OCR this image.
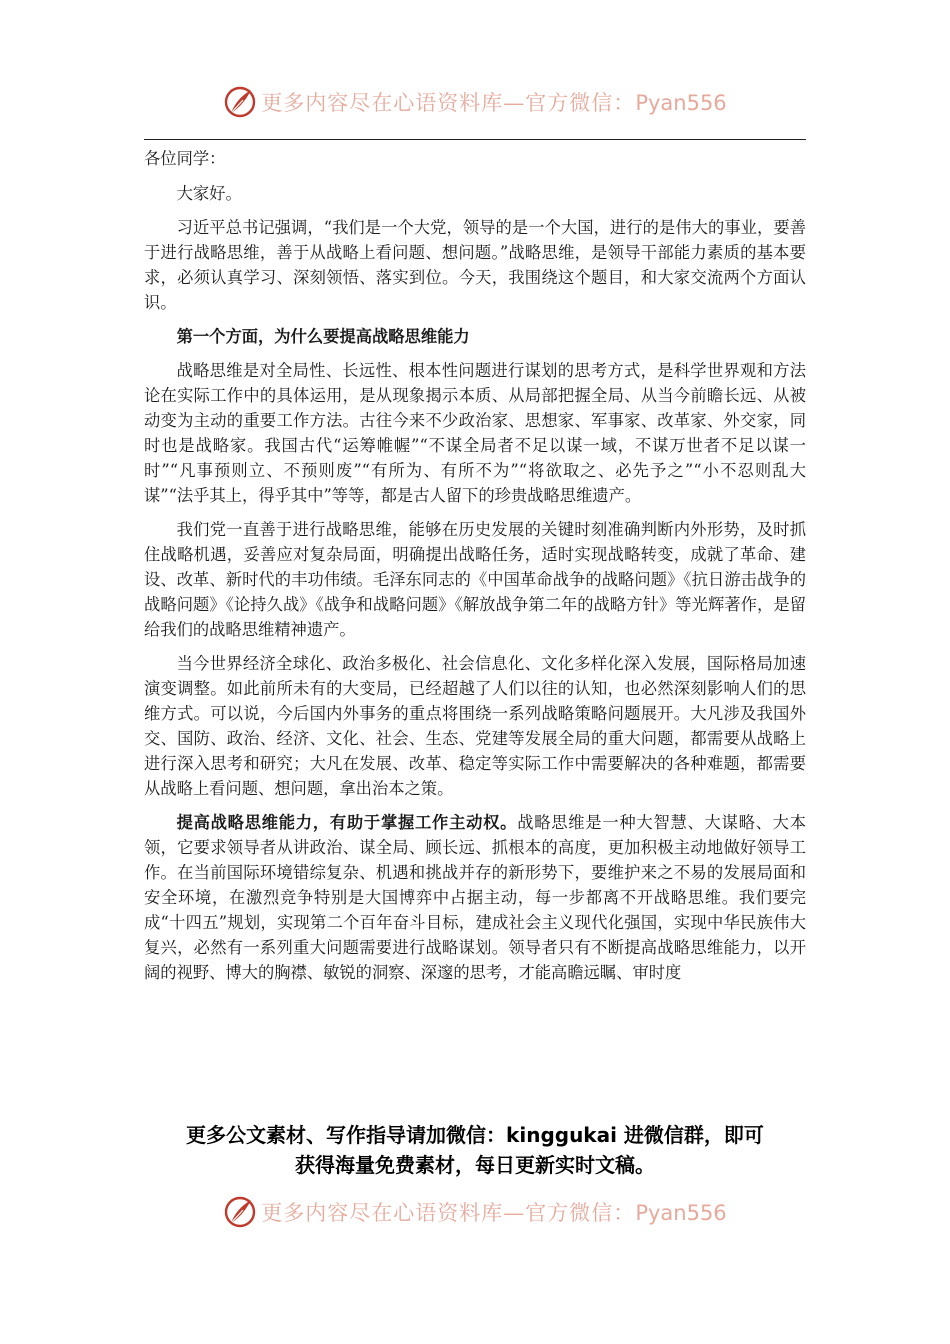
更多内容尽在心语资料库—官方微信：Pyan556

各位同学：

大家好。

习近平总书记强调，“我们是一个大党，领导的是一个大国，进行的是伟大的事业，要善于进行战略思维，善于从战略上看问题、想问题。”战略思维，是领导干部能力素质的基本要求，必须认真学习、深刻领悟、落实到位。今天，我围绕这个题目，和大家交流两个方面认识。

第一个方面，为什么要提高战略思维能力

战略思维是对全局性、长远性、根本性问题进行谋划的思考方式，是科学世界观和方法论在实际工作中的具体运用，是从现象揭示本质、从局部把握全局、从当今前瞻长远、从被动变为主动的重要工作方法。古往今来不少政治家、思想家、军事家、改革家、外交家，同时也是战略家。我国古代“运筹帷幄”“不谋全局者不足以谋一域，不谋万世者不足以谋一时”“凡事预则立、不预则废”“有所为、有所不为”“将欲取之、必先予之”“小不忍则乱大谋”“法乎其上，得乎其中”等等，都是古人留下的珍贵战略思维遗产。

我们党一直善于进行战略思维，能够在历史发展的关键时刻准确判断内外形势，及时抓住战略机遇，妥善应对复杂局面，明确提出战略任务，适时实现战略转变，成就了革命、建设、改革、新时代的丰功伟绩。毛泽东同志的《中国革命战争的战略问题》《抗日游击战争的战略问题》《论持久战》《战争和战略问题》《解放战争第二年的战略方针》等光辉著作，是留给我们的战略思维精神遗产。

当今世界经济全球化、政治多极化、社会信息化、文化多样化深入发展，国际格局加速演变调整。如此前所未有的大变局，已经超越了人们以往的认知，也必然深刻影响人们的思维方式。可以说，今后国内外事务的重点将围绕一系列战略策略问题展开。大凡涉及我国外交、国防、政治、经济、文化、社会、生态、党建等发展全局的重大问题，都需要从战略上进行深入思考和研究；大凡在发展、改革、稳定等实际工作中需要解决的各种难题，都需要从战略上看问题、想问题，拿出治本之策。

提高战略思维能力，有助于掌握工作主动权。战略思维是一种大智慧、大谋略、大本领，它要求领导者从讲政治、谋全局、顾长远、抓根本的高度，更加积极主动地做好领导工作。在当前国际环境错综复杂、机遇和挑战并存的新形势下，要维护来之不易的发展局面和安全环境，在激烈竞争特别是大国博弈中占据主动，每一步都离不开战略思维。我们要完成“十四五”规划，实现第二个百年奋斗目标，建成社会主义现代化强国，实现中华民族伟大复兴，必然有一系列重大问题需要进行战略谋划。领导者只有不断提高战略思维能力，以开阔的视野、博大的胸襟、敏锐的洞察、深邃的思考，才能高瞻远瞩、审时度

更多公文素材、写作指导请加微信：kinggukai 进微信群，即可
获得海量免费素材，每日更新实时文稿。
更多内容尽在心语资料库—官方微信：Pyan556
